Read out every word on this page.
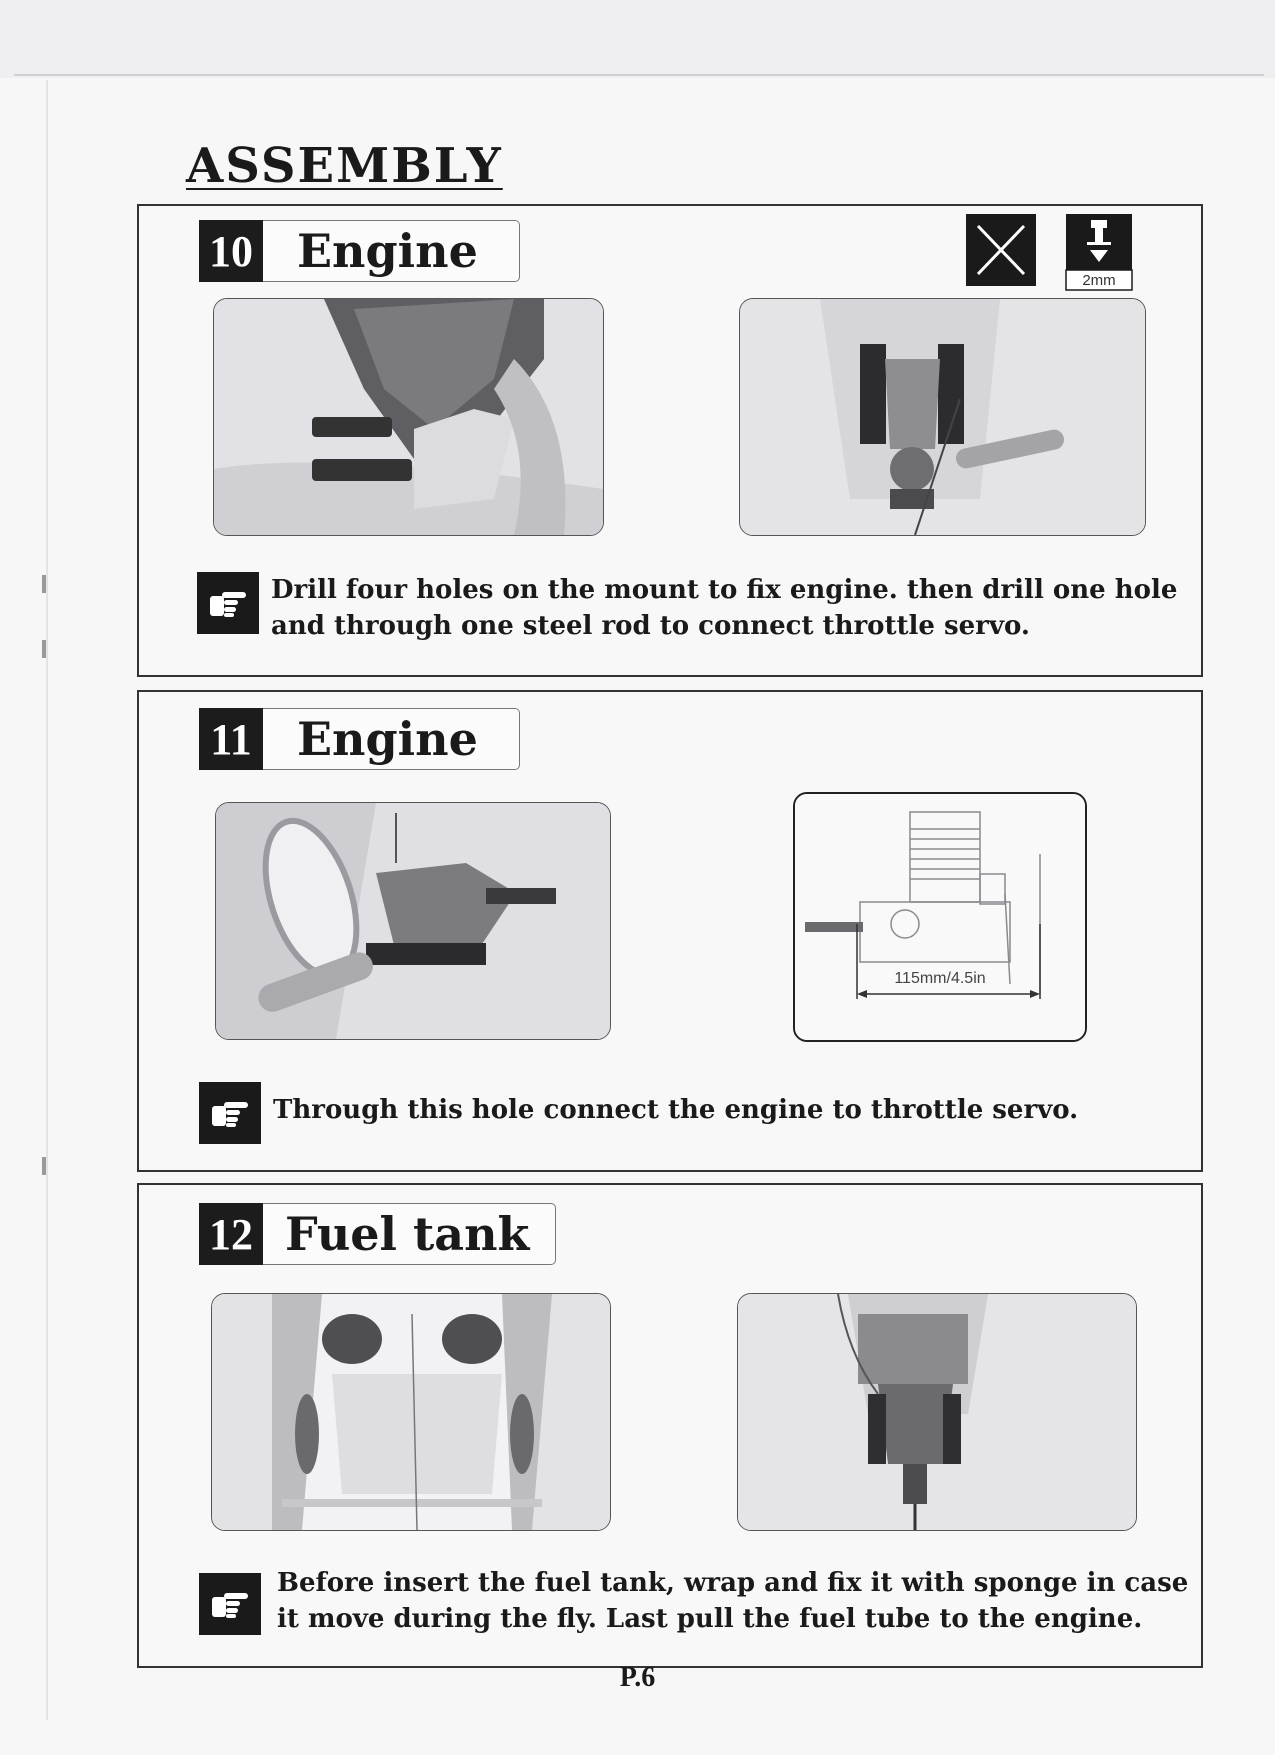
ASSEMBLY
10 Engine
2mm
Drill four holes on the mount to fix engine. then drill one hole and through one steel rod to connect throttle servo.
11 Engine
115mm/4.5in
Through this hole connect the engine to throttle servo.
12 Fuel tank
Before insert the fuel tank, wrap and fix it with sponge in case it move during the fly. Last pull the fuel tube to the engine.
P.6
